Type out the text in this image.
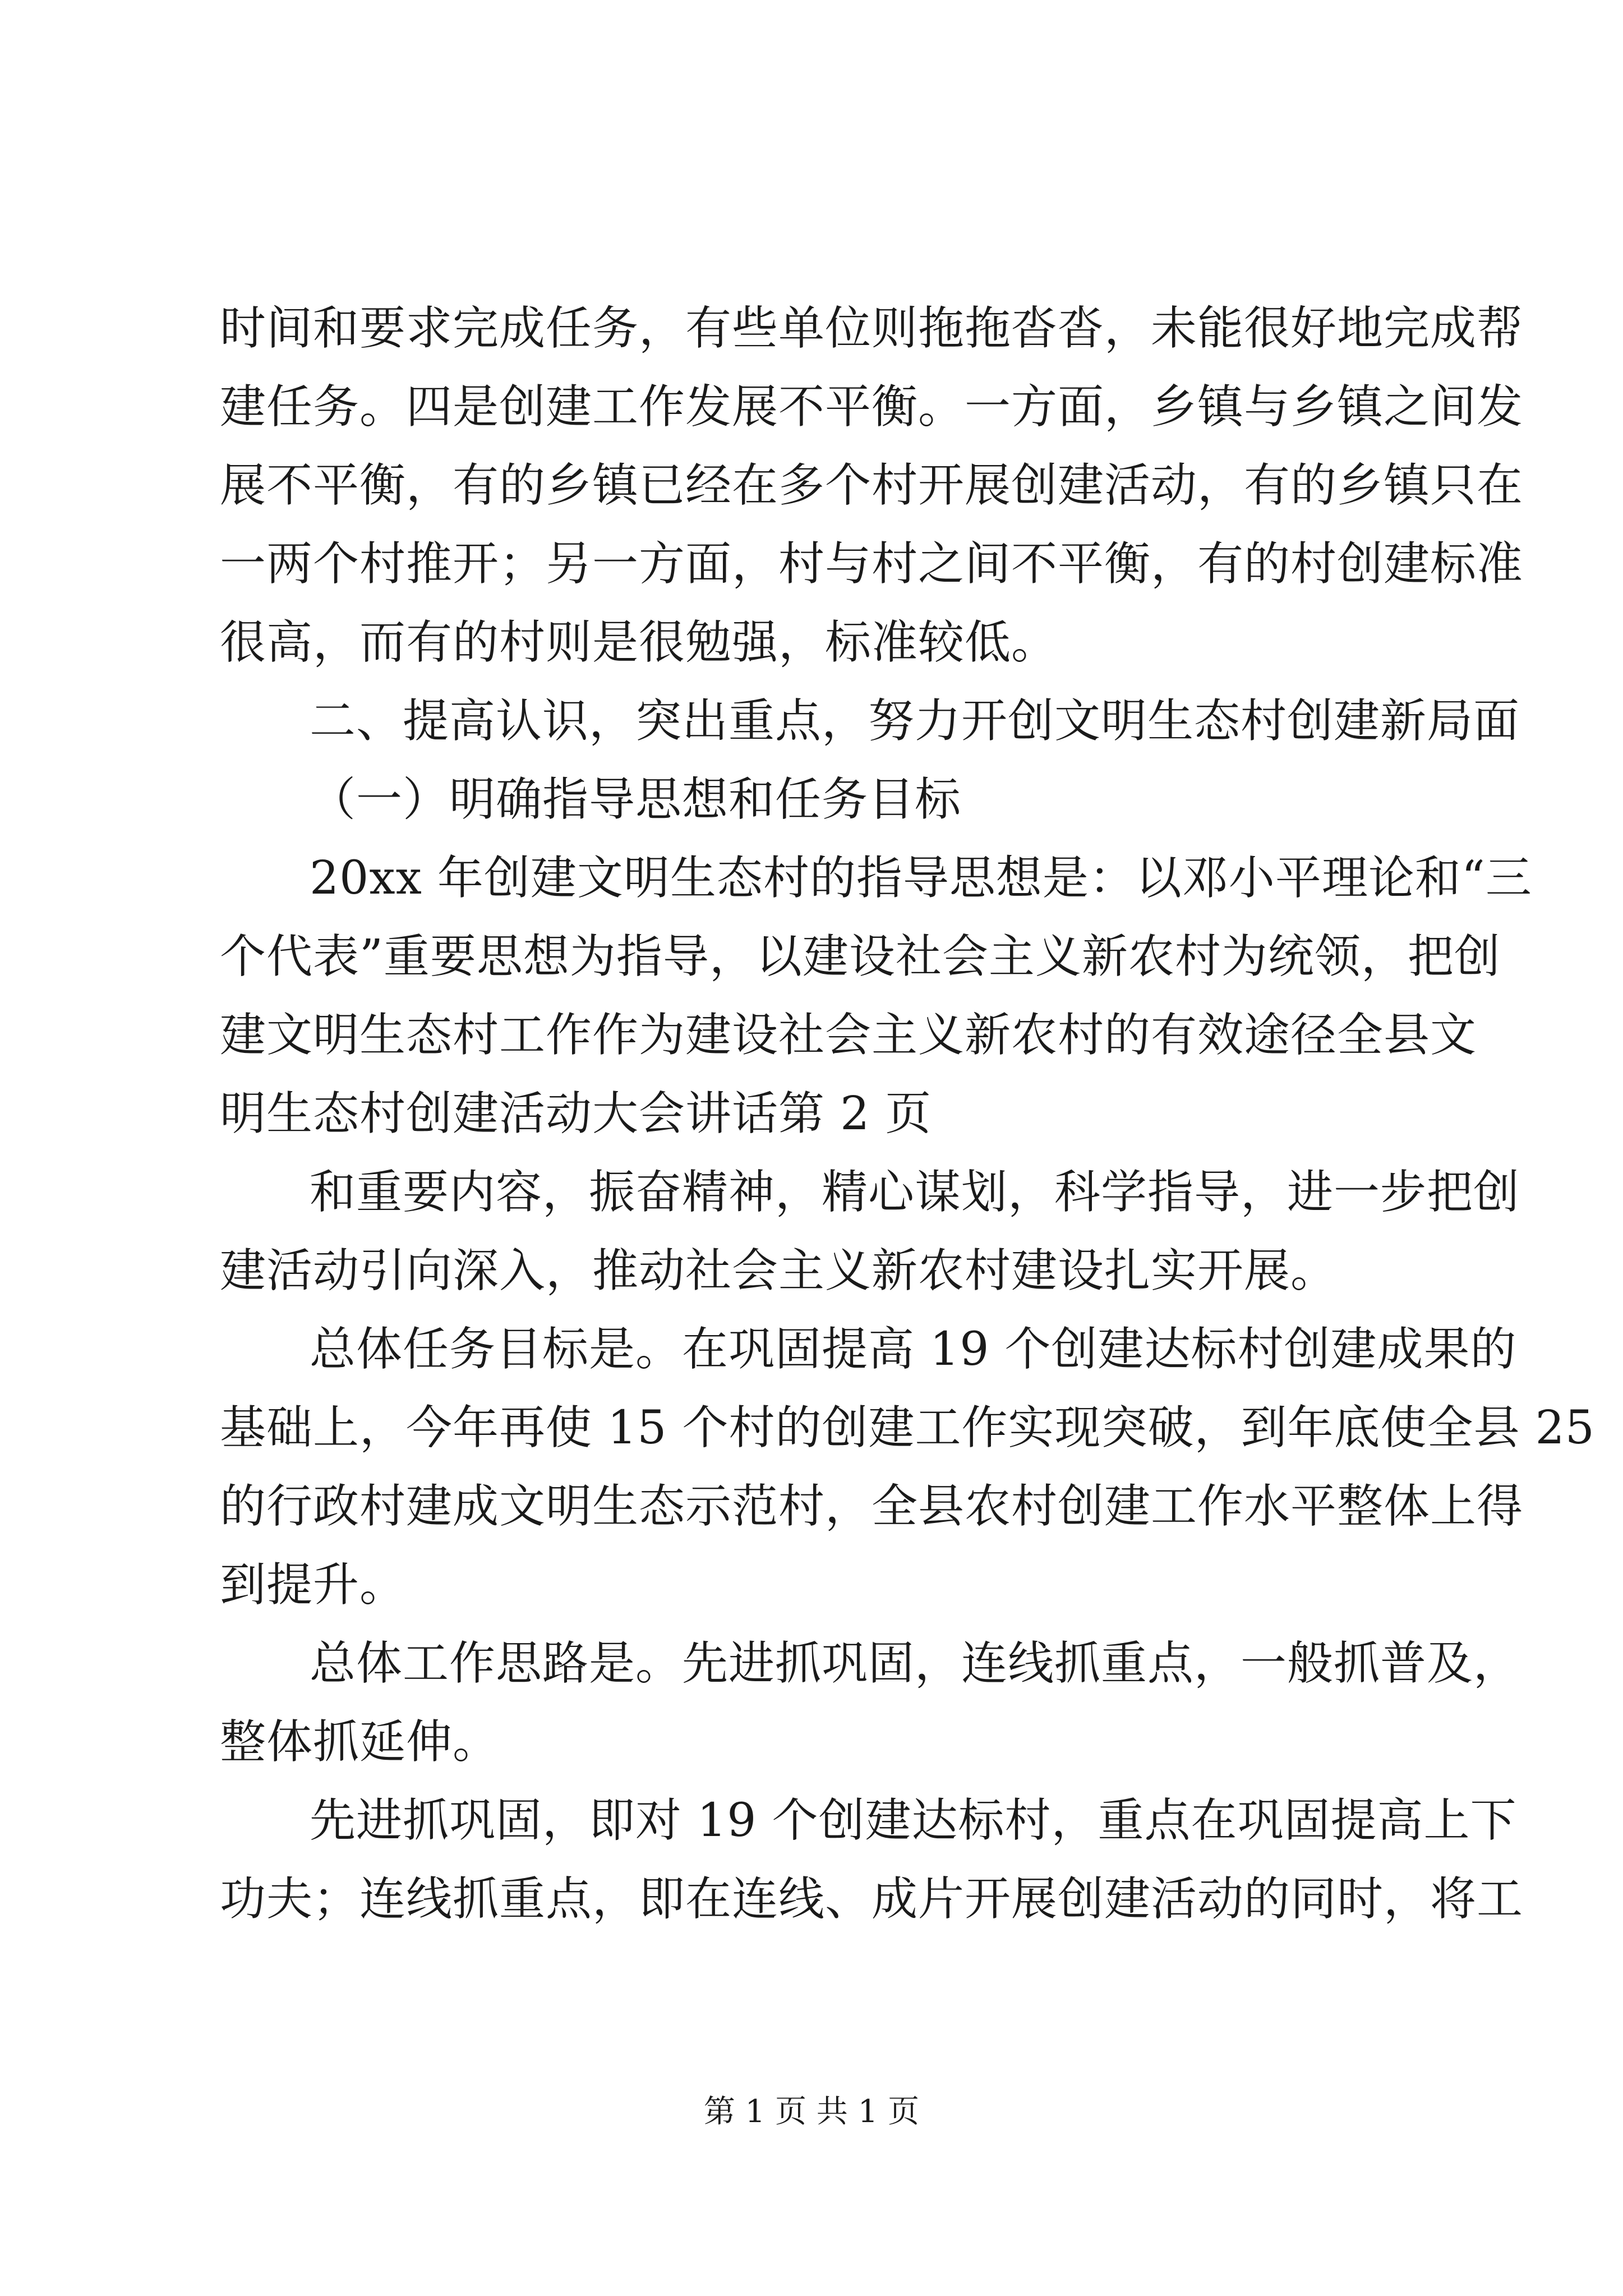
时间和要求完成任务，有些单位则拖拖沓沓，未能很好地完成帮
建任务。四是创建工作发展不平衡。一方面，乡镇与乡镇之间发
展不平衡，有的乡镇已经在多个村开展创建活动，有的乡镇只在
一两个村推开；另一方面，村与村之间不平衡，有的村创建标准
很高，而有的村则是很勉强，标准较低。
二、提高认识，突出重点，努力开创文明生态村创建新局面
（一）明确指导思想和任务目标
20xx 年创建文明生态村的指导思想是：以邓小平理论和“三
个代表”重要思想为指导，以建设社会主义新农村为统领，把创
建文明生态村工作作为建设社会主义新农村的有效途径全县文
明生态村创建活动大会讲话第 2 页
和重要内容，振奋精神，精心谋划，科学指导，进一步把创
建活动引向深入，推动社会主义新农村建设扎实开展。
总体任务目标是。在巩固提高 19 个创建达标村创建成果的
基础上，今年再使 15 个村的创建工作实现突破，到年底使全县 25
的行政村建成文明生态示范村，全县农村创建工作水平整体上得
到提升。
总体工作思路是。先进抓巩固，连线抓重点，一般抓普及，
整体抓延伸。
先进抓巩固，即对 19 个创建达标村，重点在巩固提高上下
功夫；连线抓重点，即在连线、成片开展创建活动的同时，将工
第 1 页 共 1 页
